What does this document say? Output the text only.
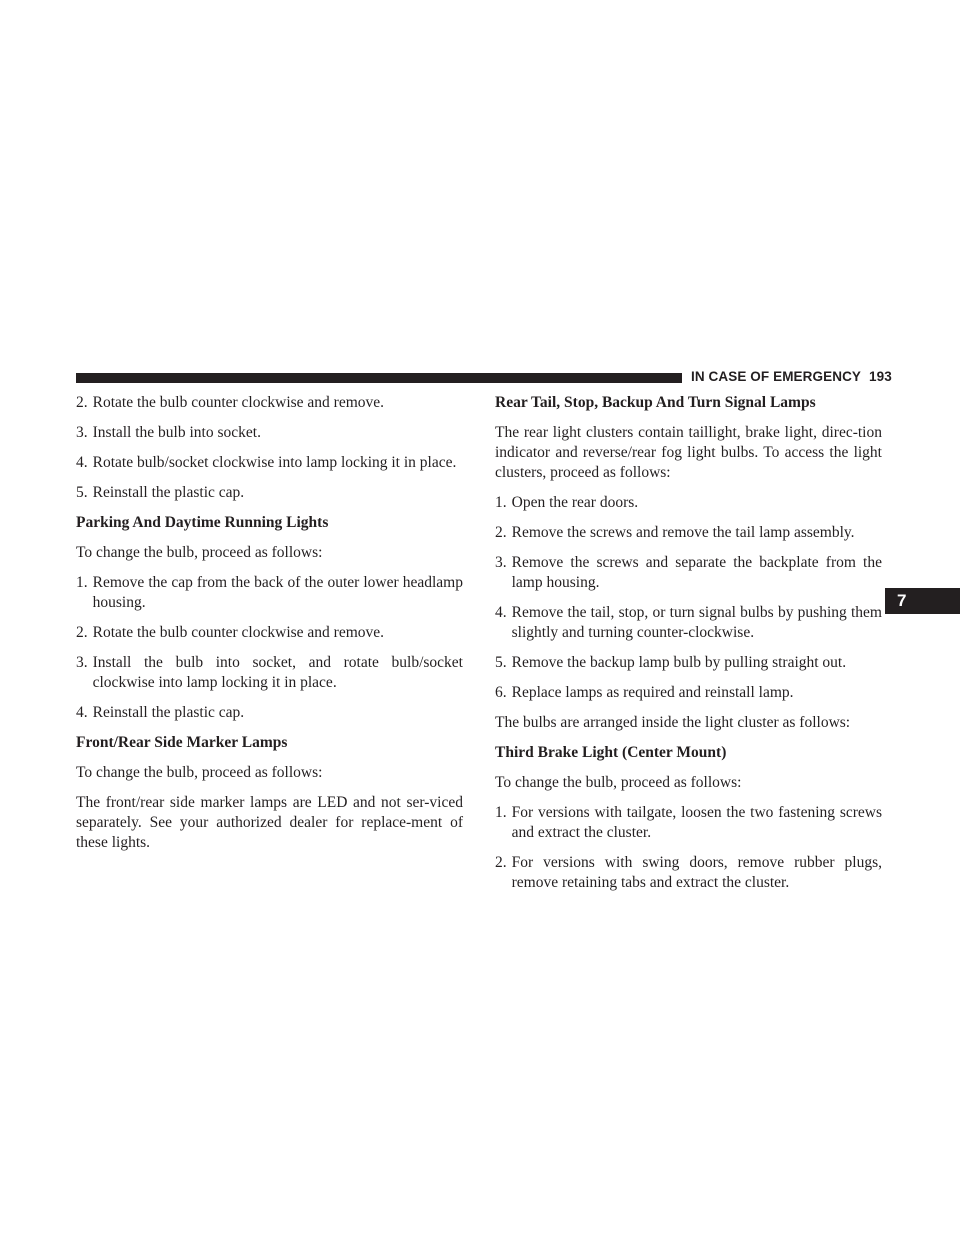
IN CASE OF EMERGENCY 193
7
2. Rotate the bulb counter clockwise and remove.
3. Install the bulb into socket.
4. Rotate bulb/socket clockwise into lamp locking it in place.
5. Reinstall the plastic cap.
Parking And Daytime Running Lights

To change the bulb, proceed as follows:

1. Remove the cap from the back of the outer lower headlamp housing.
2. Rotate the bulb counter clockwise and remove.
3. Install the bulb into socket, and rotate bulb/socket clockwise into lamp locking it in place.
4. Reinstall the plastic cap.
Front/Rear Side Marker Lamps

To change the bulb, proceed as follows:

The front/rear side marker lamps are LED and not ser-viced separately. See your authorized dealer for replace-ment of these lights.

Rear Tail, Stop, Backup And Turn Signal Lamps

The rear light clusters contain taillight, brake light, direc-tion indicator and reverse/rear fog light bulbs. To access the light clusters, proceed as follows:

1. Open the rear doors.
2. Remove the screws and remove the tail lamp assembly.
3. Remove the screws and separate the backplate from the lamp housing.
4. Remove the tail, stop, or turn signal bulbs by pushing them slightly and turning counter-clockwise.
5. Remove the backup lamp bulb by pulling straight out.
6. Replace lamps as required and reinstall lamp.

The bulbs are arranged inside the light cluster as follows:

Third Brake Light (Center Mount)

To change the bulb, proceed as follows:

1. For versions with tailgate, loosen the two fastening screws and extract the cluster.
2. For versions with swing doors, remove rubber plugs, remove retaining tabs and extract the cluster.
